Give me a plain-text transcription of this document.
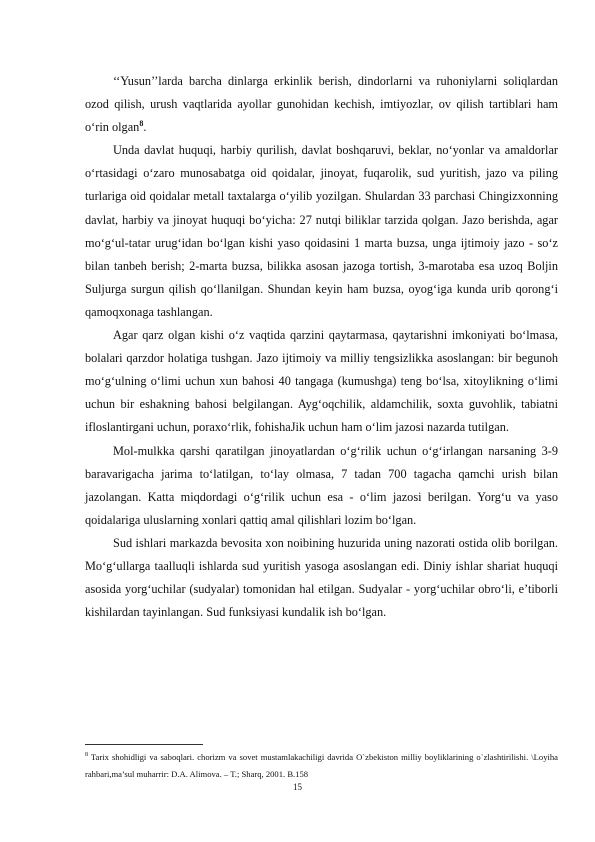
‘‘Yusun’’larda barcha dinlarga erkinlik berish, dindorlarni va ruhoniylarni soliqlardan ozod qilish, urush vaqtlarida ayollar gunohidan kechish, imtiyozlar, ov qilish tartiblari ham o‘rin olgan$^8$.

Unda davlat huquqi, harbiy qurilish, davlat boshqaruvi, beklar, no‘yonlar va amaldorlar o‘rtasidagi o‘zaro munosabatga oid qoidalar, jinoyat, fuqarolik, sud yuritish, jazo va piling turlariga oid qoidalar metall taxtalarga o‘yilib yozilgan. Shulardan 33 parchasi Chingizxonning davlat, harbiy va jinoyat huquqi bo‘yicha: 27 nutqi biliklar tarzida qolgan. Jazo berishda, agar mo‘g‘ul-tatar urug‘idan bo‘lgan kishi yaso qoidasini 1 marta buzsa, unga ijtimoiy jazo - so‘z bilan tanbeh berish; 2-marta buzsa, bilikka asosan jazoga tortish, 3-marotaba esa uzoq Boljin Suljurga surgun qilish qo‘llanilgan. Shundan keyin ham buzsa, oyog‘iga kunda urib qorong‘i qamoqxonaga tashlangan.

Agar qarz olgan kishi o‘z vaqtida qarzini qaytarmasa, qaytarishni imkoniyati bo‘lmasa, bolalari qarzdor holatiga tushgan. Jazo ijtimoiy va milliy tengsizlikka asoslangan: bir begunoh mo‘g‘ulning o‘limi uchun xun bahosi 40 tangaga (kumushga) teng bo‘lsa, xitoylikning o‘limi uchun bir eshakning bahosi belgilangan. Ayg‘oqchilik, aldamchilik, soxta guvohlik, tabiatni ifloslantirgani uchun, poraxo‘rlik, fohishaJik uchun ham o‘lim jazosi nazarda tutilgan.

Mol-mulkka qarshi qaratilgan jinoyatlardan o‘g‘rilik uchun o‘g‘irlangan narsaning 3-9 baravarigacha jarima to‘latilgan, to‘lay olmasa, 7 tadan 700 tagacha qamchi urish bilan jazolangan. Katta miqdordagi o‘g‘rilik uchun esa - o‘lim jazosi berilgan. Yorg‘u va yaso qoidalariga uluslarning xonlari qattiq amal qilishlari lozim bo‘lgan.

Sud ishlari markazda bevosita xon noibining huzurida uning nazorati ostida olib borilgan. Mo‘g‘ullarga taalluqli ishlarda sud yuritish yasoga asoslangan edi. Diniy ishlar shariat huquqi asosida yorg‘uchilar (sudyalar) tomonidan hal etilgan. Sudyalar - yorg‘uchilar obro‘li, e’tiborli kishilardan tayinlangan. Sud funksiyasi kundalik ish bo‘lgan.

$^8$ Tarix shohidligi va saboqlari. chorizm va sovet mustamlakachiligi davrida O`zbekiston milliy boyliklarining o`zlashtirilishi. \Loyiha rahbari,ma’sul muharrir: D.A. Alimova. – T.; Sharq, 2001. B.158
15
